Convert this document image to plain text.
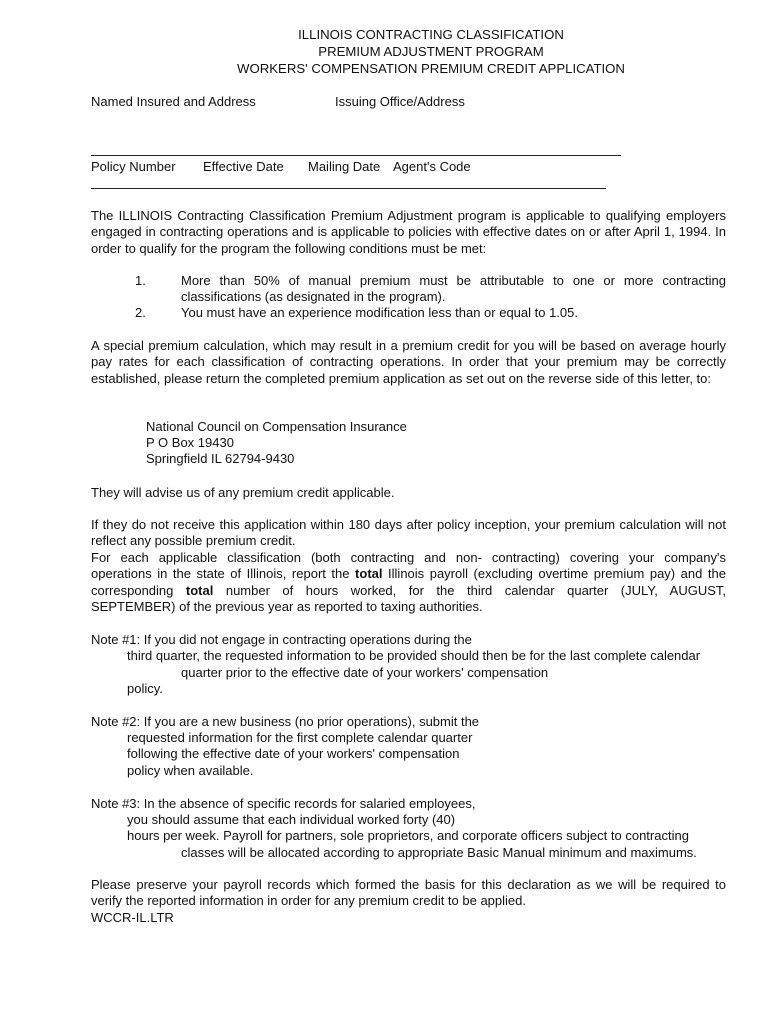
ILLINOIS CONTRACTING CLASSIFICATION
PREMIUM ADJUSTMENT PROGRAM
WORKERS' COMPENSATION PREMIUM CREDIT APPLICATION
Named Insured and Address	Issuing Office/Address
Policy Number Effective Date Mailing Date Agent's Code
The ILLINOIS Contracting Classification Premium Adjustment program is applicable to qualifying employers engaged in contracting operations and is applicable to policies with effective dates on or after April 1, 1994. In order to qualify for the program the following conditions must be met:
1.	More than 50% of manual premium must be attributable to one or more contracting
classifications (as designated in the program).
2.	You must have an experience modification less than or equal to 1.05.
A special premium calculation, which may result in a premium credit for you will be based on average hourly pay rates for each classification of contracting operations. In order that your premium may be correctly established, please return the completed premium application as set out on the reverse side of this letter, to:
National Council on Compensation Insurance
P O Box 19430
Springfield IL 62794-9430
They will advise us of any premium credit applicable.
If they do not receive this application within 180 days after policy inception, your premium calculation will not reflect any possible premium credit.
For each applicable classification (both contracting and non- contracting) covering your company's
operations in the state of Illinois, report the total Illinois payroll (excluding overtime premium pay) and the
corresponding total number of hours worked, for the third calendar quarter (JULY, AUGUST,
SEPTEMBER) of the previous year as reported to taxing authorities.
Note #1: If you did not engage in contracting operations during the
third quarter, the requested information to be provided should then be for the last complete calendar
quarter prior to the effective date of your workers' compensation
policy.
Note #2: If you are a new business (no prior operations), submit the
requested information for the first complete calendar quarter
following the effective date of your workers' compensation
policy when available.
Note #3: In the absence of specific records for salaried employees,
you should assume that each individual worked forty (40)
hours per week. Payroll for partners, sole proprietors, and corporate officers subject to contracting
classes will be allocated according to appropriate Basic Manual minimum and maximums.
Please preserve your payroll records which formed the basis for this declaration as we will be required to verify the reported information in order for any premium credit to be applied.
WCCR-IL.LTR
